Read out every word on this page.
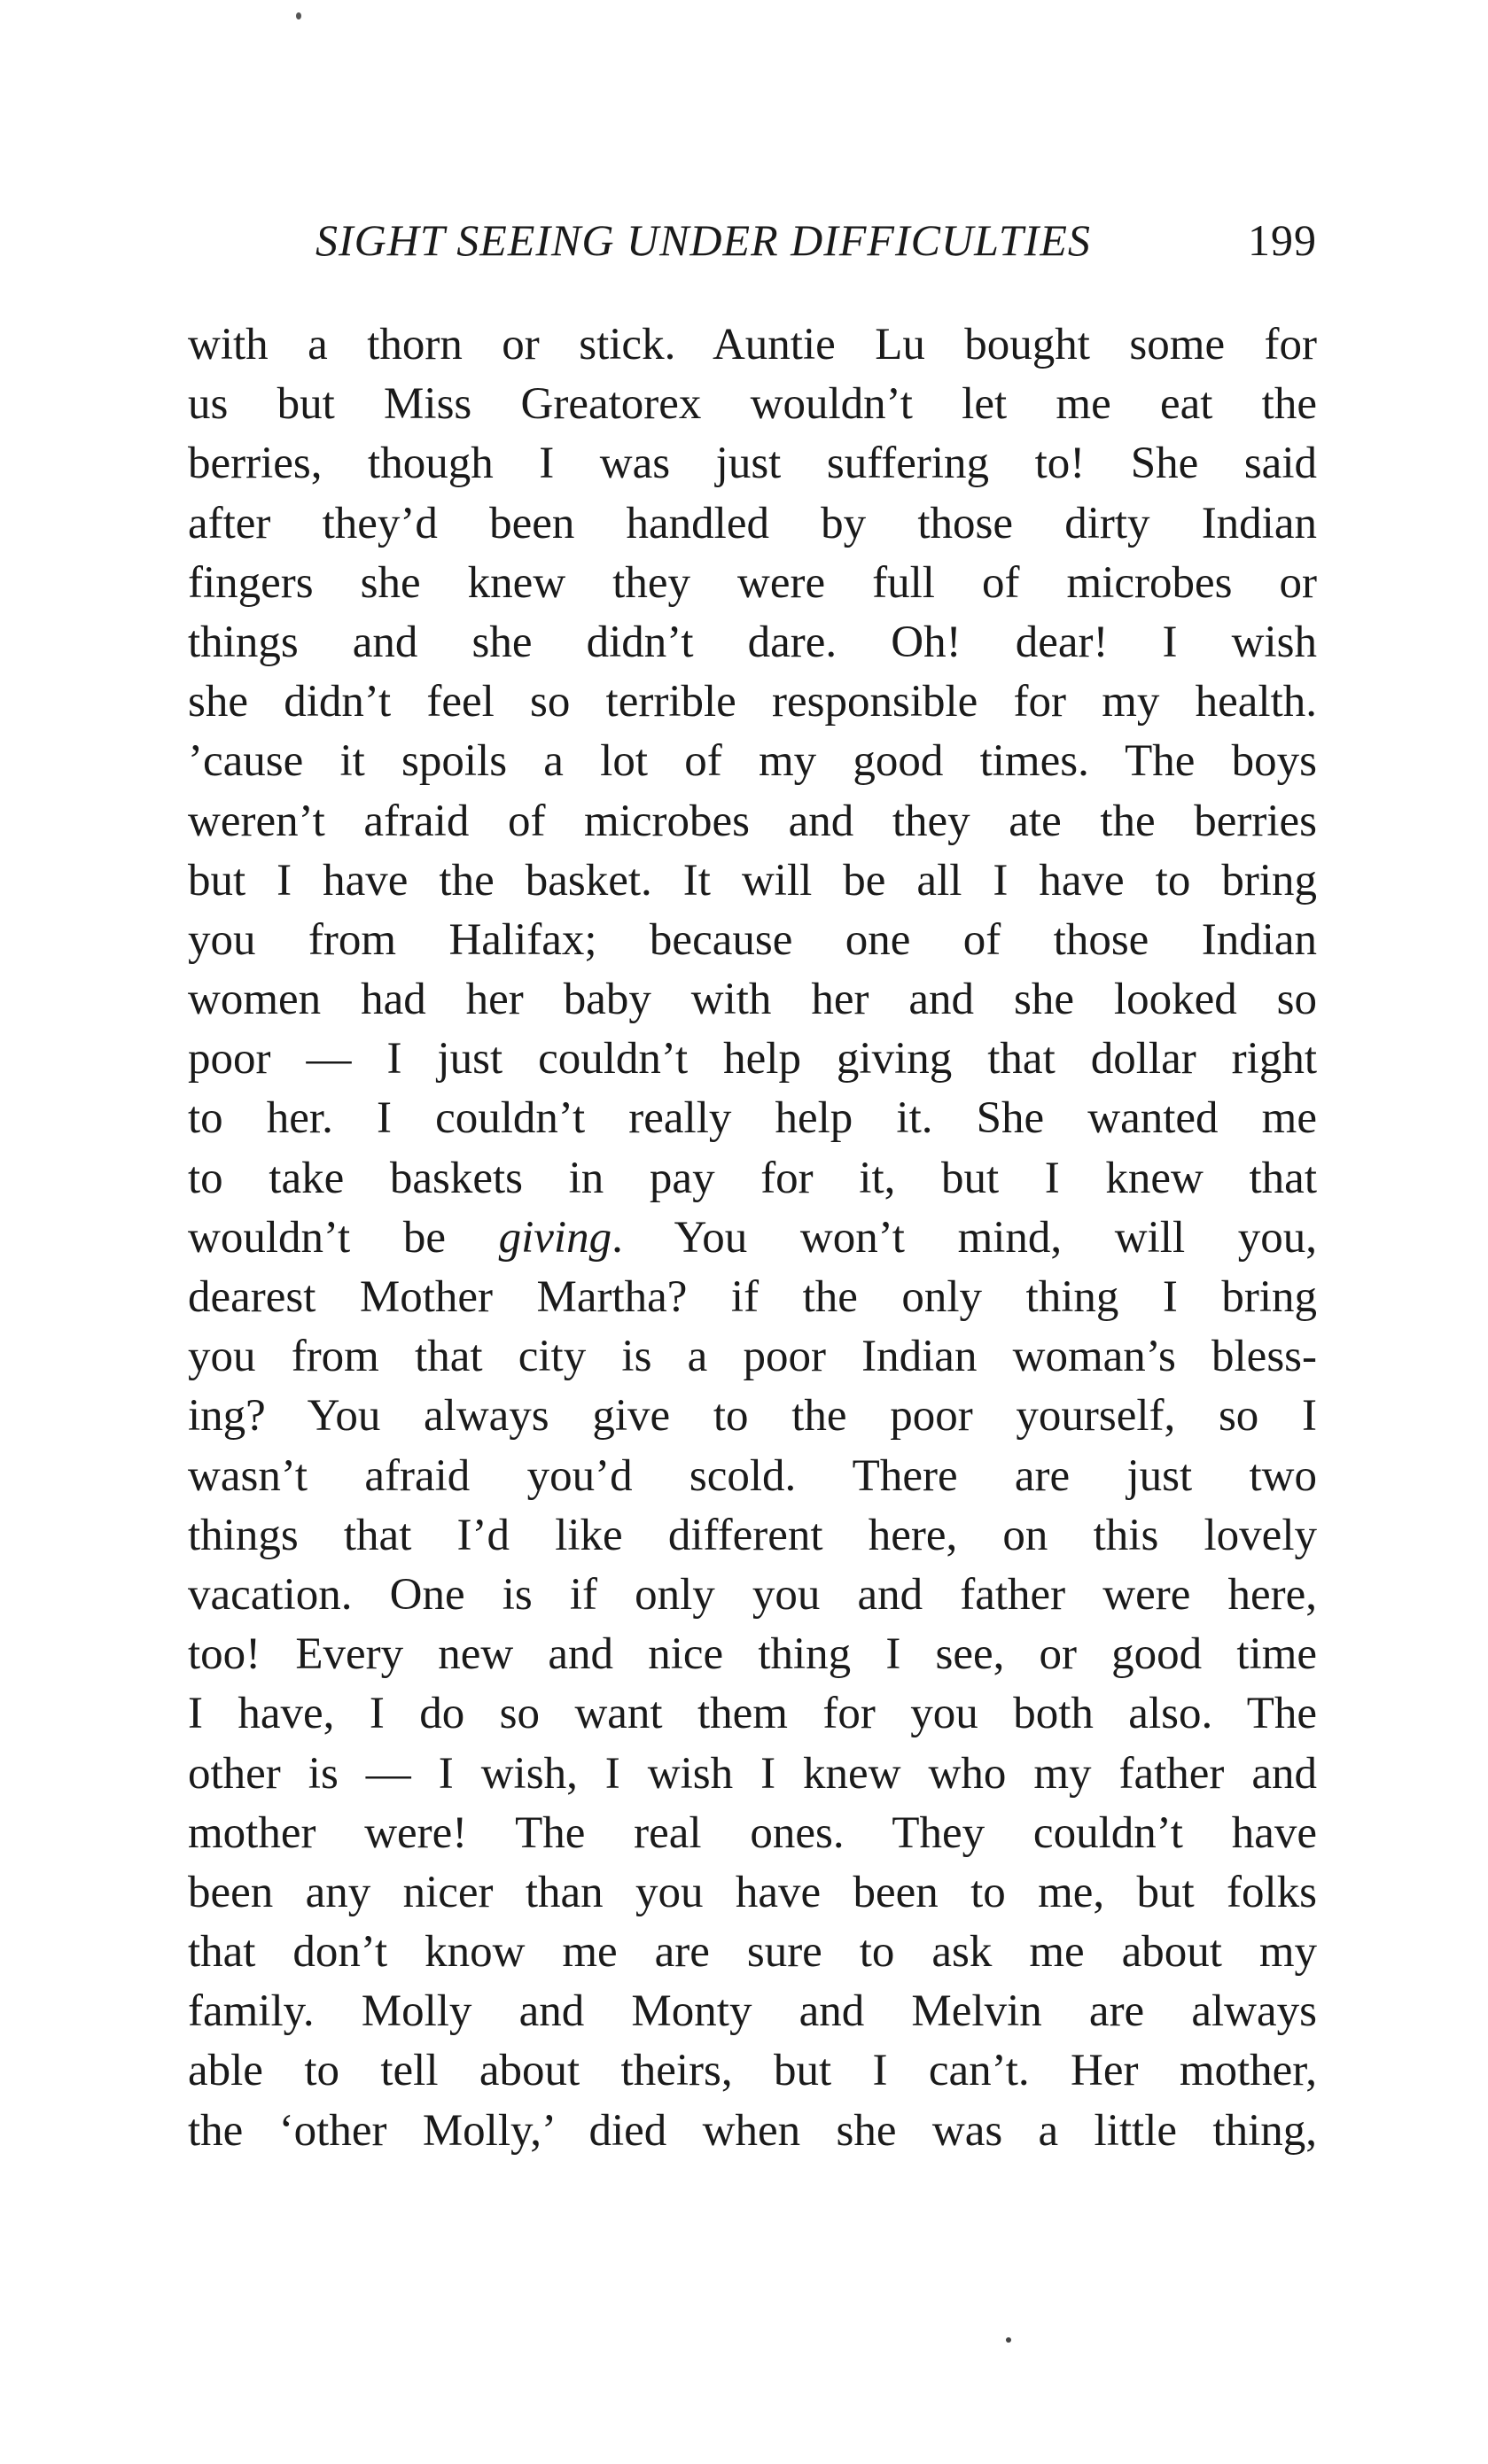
SIGHT SEEING UNDER DIFFICULTIES	199
with a thorn or stick. Auntie Lu bought some for
us but Miss Greatorex wouldn’t let me eat the
berries, though I was just suffering to! She said
after they’d been handled by those dirty Indian
fingers she knew they were full of microbes or
things and she didn’t dare. Oh! dear! I wish
she didn’t feel so terrible responsible for my health.
’cause it spoils a lot of my good times. The boys
weren’t afraid of microbes and they ate the berries
but I have the basket. It will be all I have to bring
you from Halifax; because one of those Indian
women had her baby with her and she looked so
poor — I just couldn’t help giving that dollar right
to her. I couldn’t really help it. She wanted me
to take baskets in pay for it, but I knew that
wouldn’t be giving. You won’t mind, will you,
dearest Mother Martha? if the only thing I bring
you from that city is a poor Indian woman’s bless-
ing? You always give to the poor yourself, so I
wasn’t afraid you’d scold. There are just two
things that I’d like different here, on this lovely
vacation. One is if only you and father were here,
too! Every new and nice thing I see, or good time
I have, I do so want them for you both also. The
other is — I wish, I wish I knew who my father and
mother were! The real ones. They couldn’t have
been any nicer than you have been to me, but folks
that don’t know me are sure to ask me about my
family. Molly and Monty and Melvin are always
able to tell about theirs, but I can’t. Her mother,
the ‘other Molly,’ died when she was a little thing,
